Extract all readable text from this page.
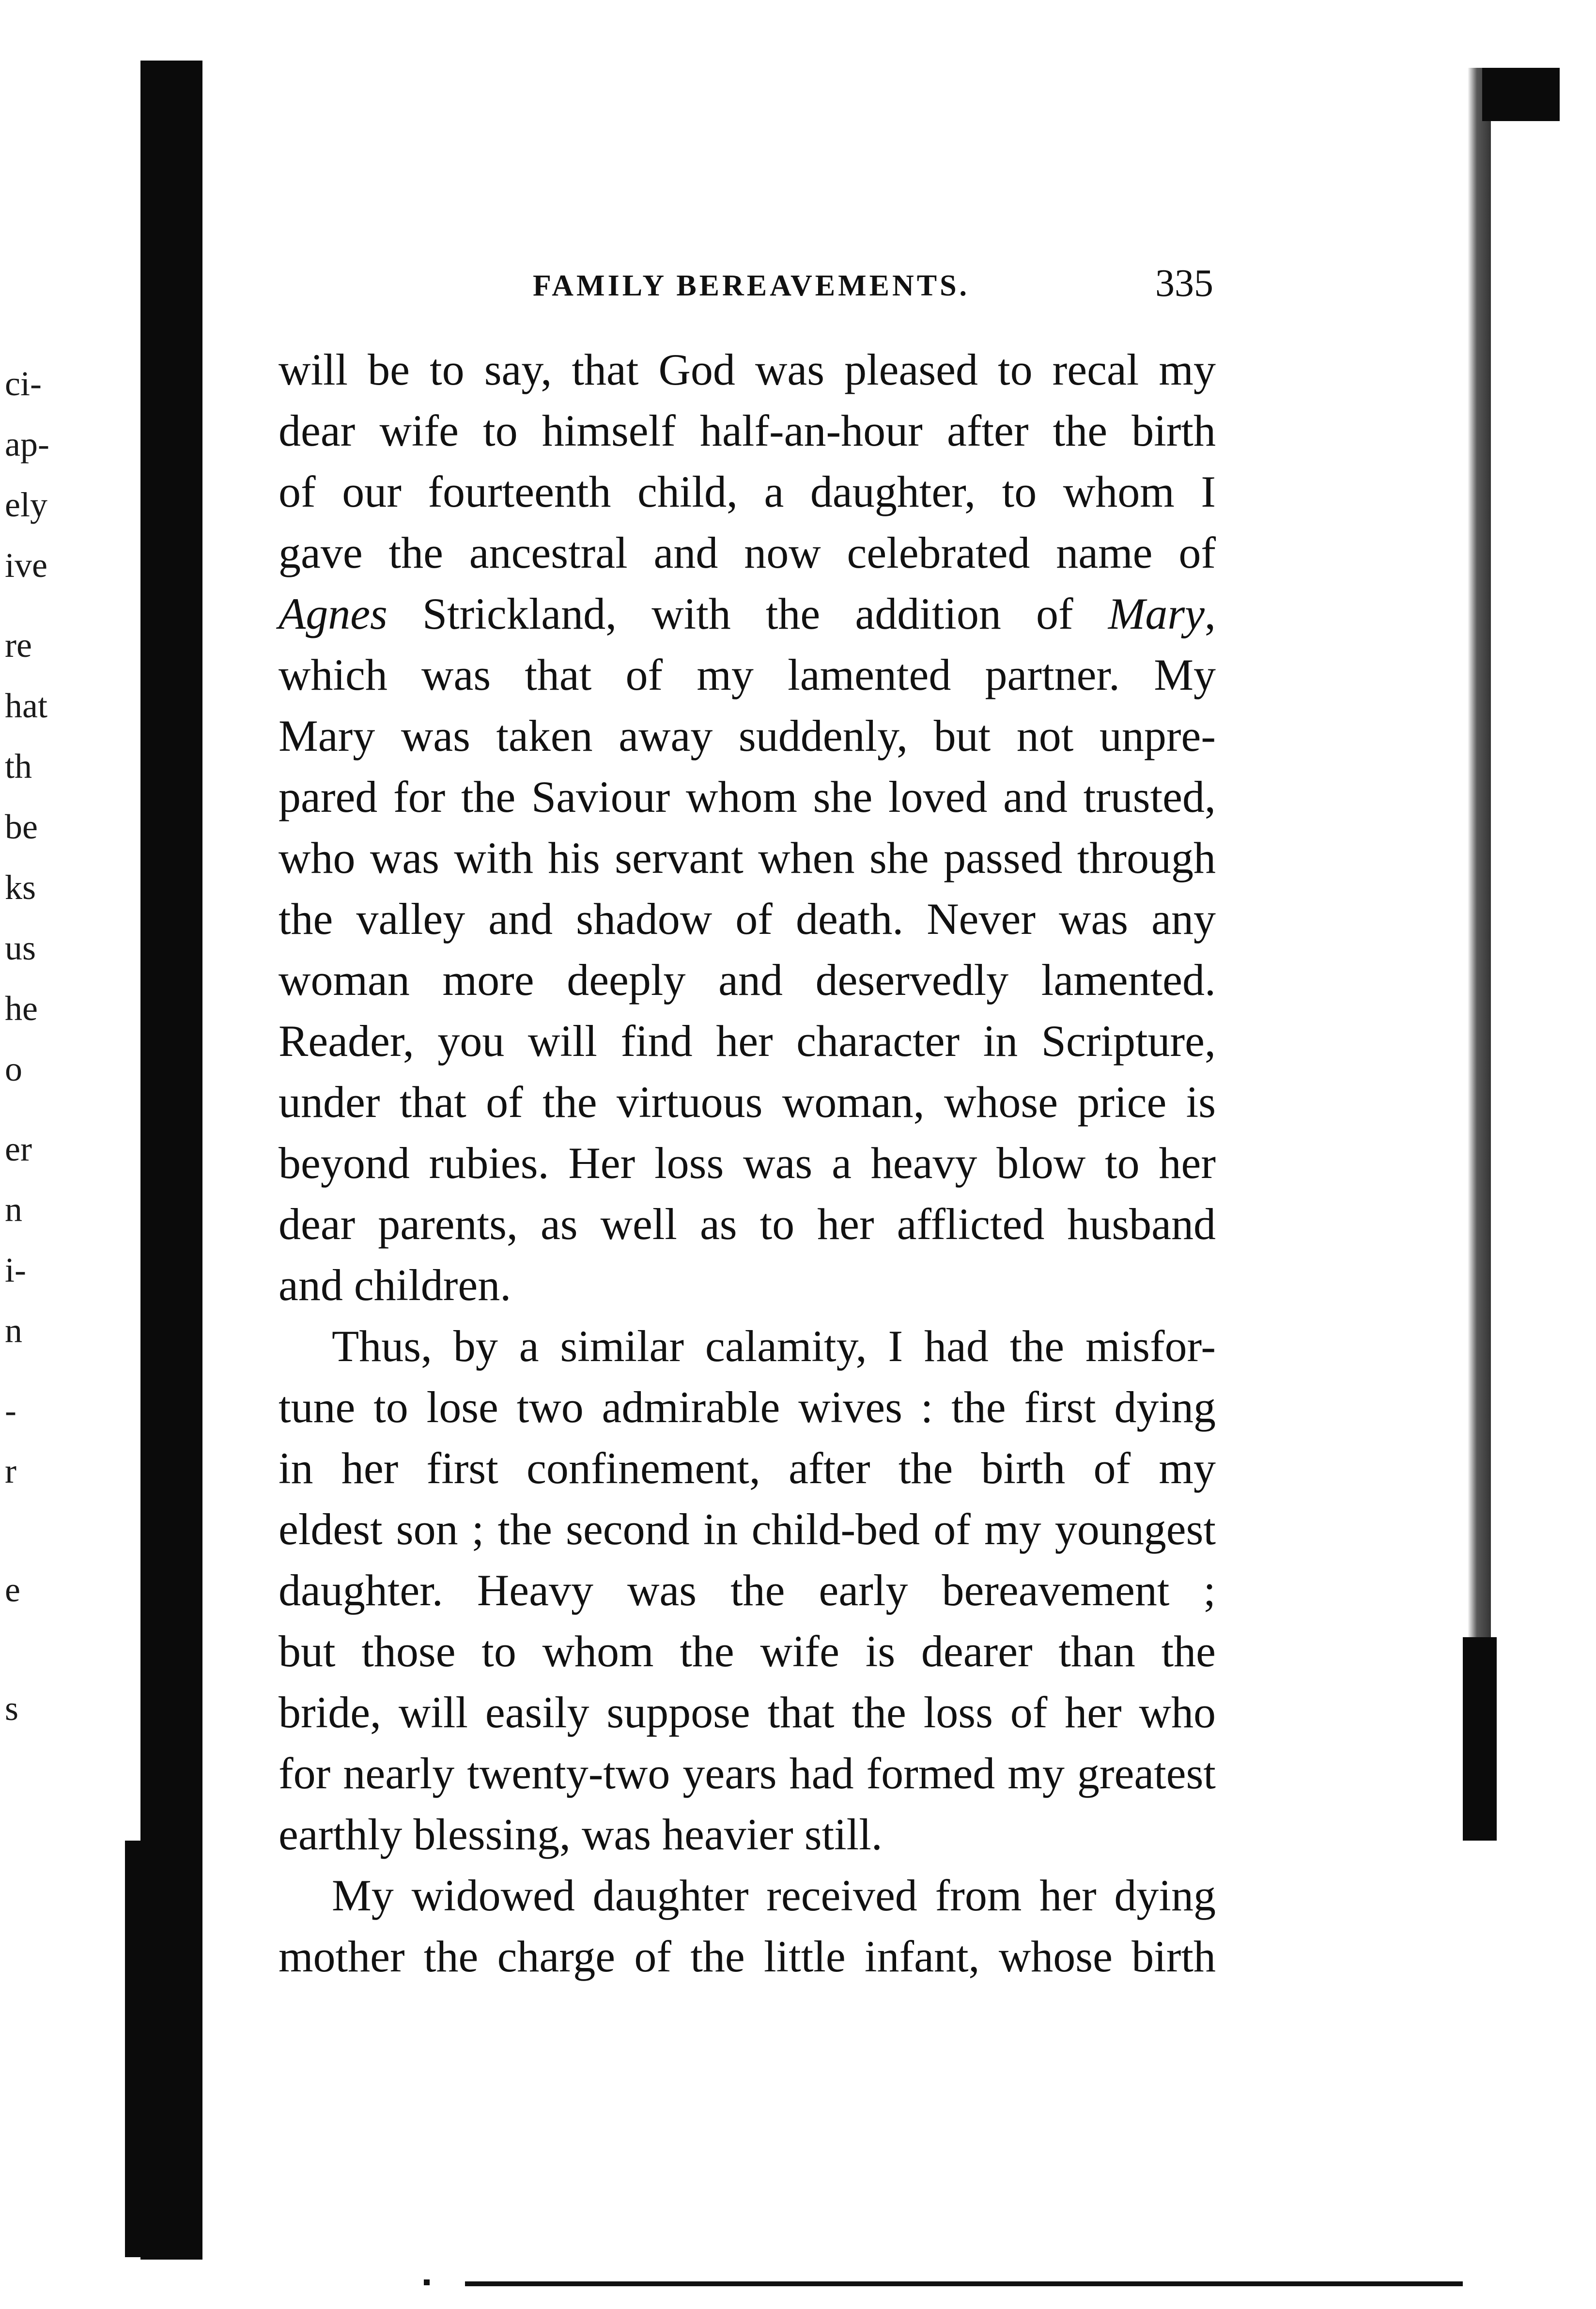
ci-
ap-
ely
ive
re
hat
th
be
ks
us
he
o
er
n
i-
n
-
r
e
s
FAMILY BEREAVEMENTS.	335
will be to say, that God was pleased to recal my
dear wife to himself half-an-hour after the birth
of our fourteenth child, a daughter, to whom I
gave the ancestral and now celebrated name of
Agnes Strickland, with the addition of Mary,
which was that of my lamented partner. My
Mary was taken away suddenly, but not unpre-
pared for the Saviour whom she loved and trusted,
who was with his servant when she passed through
the valley and shadow of death. Never was any
woman more deeply and deservedly lamented.
Reader, you will find her character in Scripture,
under that of the virtuous woman, whose price is
beyond rubies. Her loss was a heavy blow to her
dear parents, as well as to her afflicted husband
and children.
Thus, by a similar calamity, I had the misfor-
tune to lose two admirable wives : the first dying
in her first confinement, after the birth of my
eldest son ; the second in child-bed of my youngest
daughter. Heavy was the early bereavement ;
but those to whom the wife is dearer than the
bride, will easily suppose that the loss of her who
for nearly twenty-two years had formed my greatest
earthly blessing, was heavier still.
My widowed daughter received from her dying
mother the charge of the little infant, whose birth
